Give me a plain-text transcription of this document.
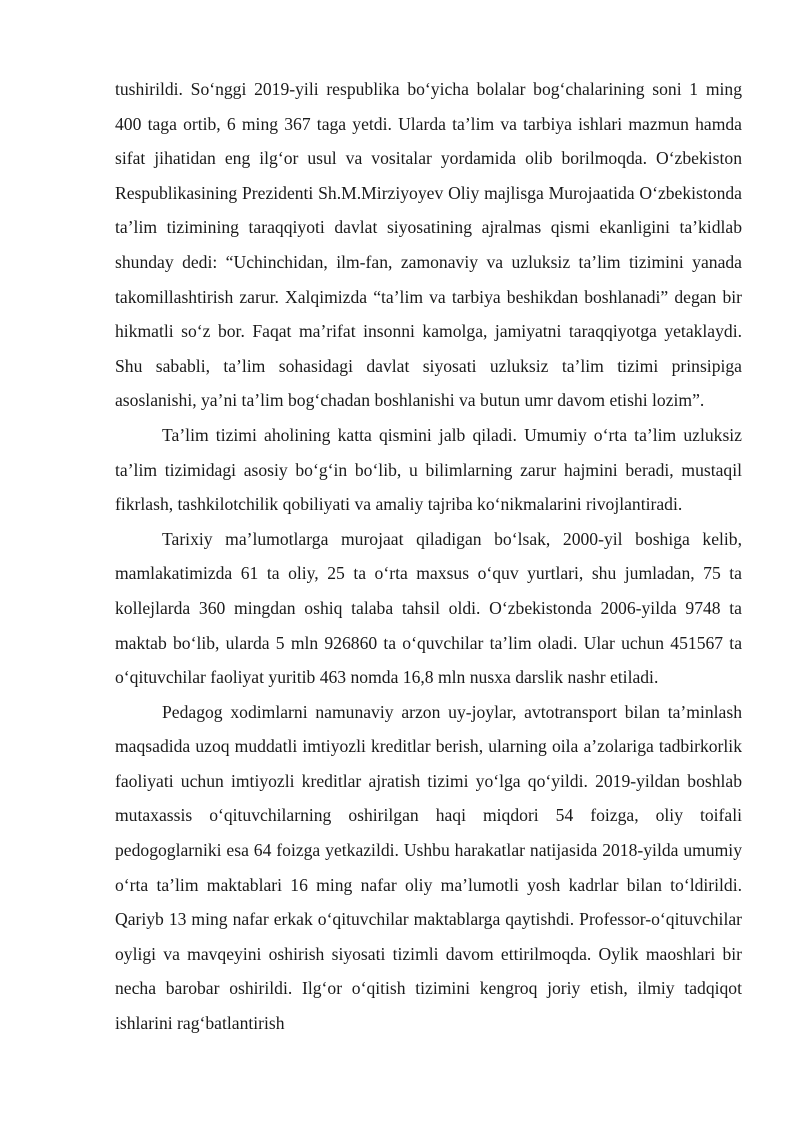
tushirildi. So‘nggi 2019-yili respublika bo‘yicha bolalar bog‘chalarining soni 1 ming 400 taga ortib, 6 ming 367 taga yetdi. Ularda ta’lim va tarbiya ishlari mazmun hamda sifat jihatidan eng ilg‘or usul va vositalar yordamida olib borilmoqda. O‘zbekiston Respublikasining Prezidenti Sh.M.Mirziyoyev Oliy majlisga Murojaatida O‘zbekistonda ta’lim tizimining taraqqiyoti davlat siyosatining ajralmas qismi ekanligini ta’kidlab shunday dedi: “Uchinchidan, ilm-fan, zamonaviy va uzluksiz ta’lim tizimini yanada takomillashtirish zarur. Xalqimizda “ta’lim va tarbiya beshikdan boshlanadi” degan bir hikmatli so‘z bor. Faqat ma’rifat insonni kamolga, jamiyatni taraqqiyotga yetaklaydi. Shu sababli, ta’lim sohasidagi davlat siyosati uzluksiz ta’lim tizimi prinsipiga asoslanishi, ya’ni ta’lim bog‘chadan boshlanishi va butun umr davom etishi lozim”.

Ta’lim tizimi aholining katta qismini jalb qiladi. Umumiy o‘rta ta’lim uzluksiz ta’lim tizimidagi asosiy bo‘g‘in bo‘lib, u bilimlarning zarur hajmini beradi, mustaqil fikrlash, tashkilotchilik qobiliyati va amaliy tajriba ko‘nikmalarini rivojlantiradi.

Tarixiy ma’lumotlarga murojaat qiladigan bo‘lsak, 2000-yil boshiga kelib, mamlakatimizda 61 ta oliy, 25 ta o‘rta maxsus o‘quv yurtlari, shu jumladan, 75 ta kollejlarda 360 mingdan oshiq talaba tahsil oldi. O‘zbekistonda 2006-yilda 9748 ta maktab bo‘lib, ularda 5 mln 926860 ta o‘quvchilar ta’lim oladi. Ular uchun 451567 ta o‘qituvchilar faoliyat yuritib 463 nomda 16,8 mln nusxa darslik nashr etiladi.

Pedagog xodimlarni namunaviy arzon uy-joylar, avtotransport bilan ta’minlash maqsadida uzoq muddatli imtiyozli kreditlar berish, ularning oila a’zolariga tadbirkorlik faoliyati uchun imtiyozli kreditlar ajratish tizimi yo‘lga qo‘yildi. 2019-yildan boshlab mutaxassis o‘qituvchilarning oshirilgan haqi miqdori 54 foizga, oliy toifali pedogoglarniki esa 64 foizga yetkazildi. Ushbu harakatlar natijasida 2018-yilda umumiy o‘rta ta’lim maktablari 16 ming nafar oliy ma’lumotli yosh kadrlar bilan to‘ldirildi. Qariyb 13 ming nafar erkak o‘qituvchilar maktablarga qaytishdi. Professor-o‘qituvchilar oyligi va mavqeyini oshirish siyosati tizimli davom ettirilmoqda. Oylik maoshlari bir necha barobar oshirildi. Ilg‘or o‘qitish tizimini kengroq joriy etish, ilmiy tadqiqot ishlarini rag‘batlantirish
